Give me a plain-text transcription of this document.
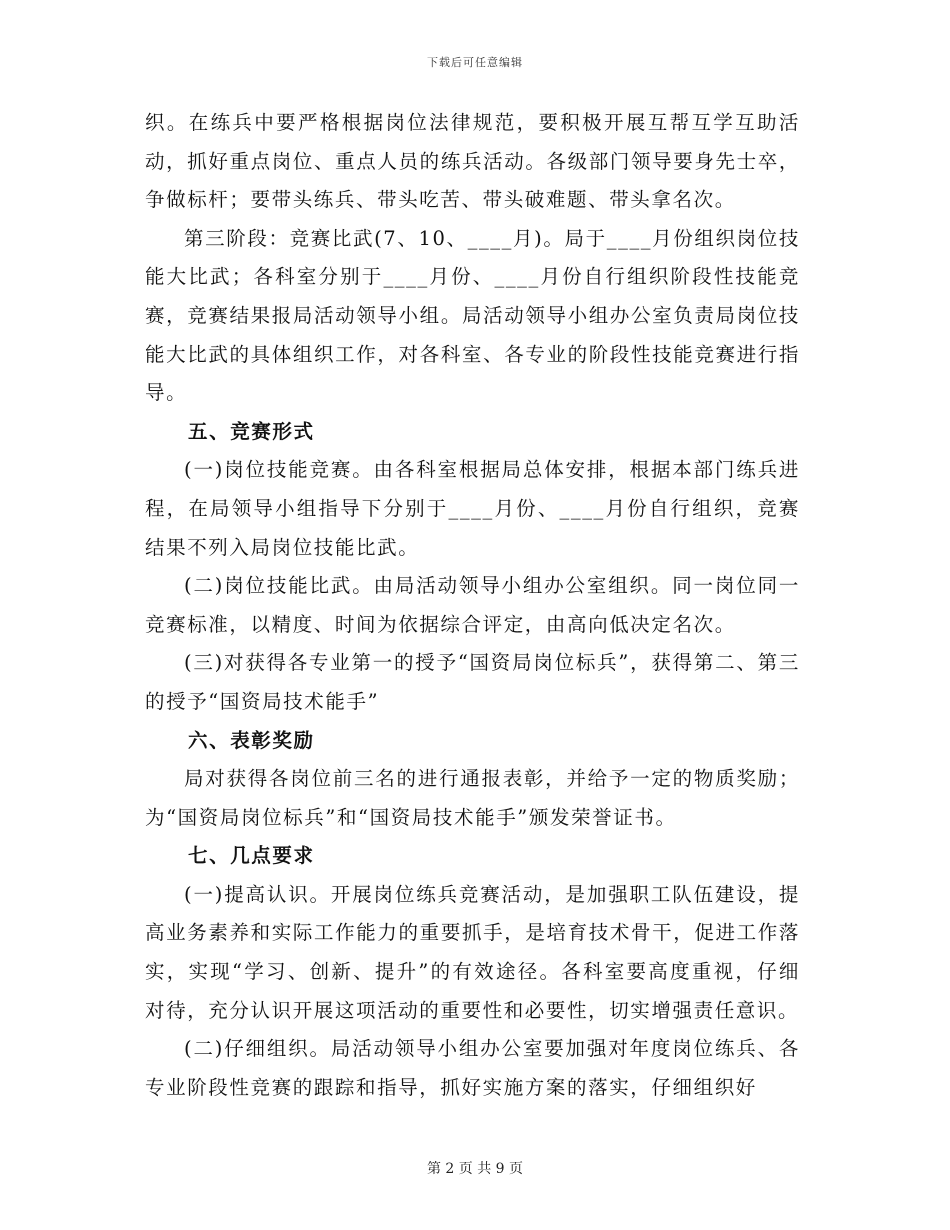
下载后可任意编辑

织。在练兵中要严格根据岗位法律规范，要积极开展互帮互学互助活动，抓好重点岗位、重点人员的练兵活动。各级部门领导要身先士卒，争做标杆；要带头练兵、带头吃苦、带头破难题、带头拿名次。

第三阶段：竞赛比武(7、10、____月)。局于____月份组织岗位技能大比武；各科室分别于____月份、____月份自行组织阶段性技能竞赛，竞赛结果报局活动领导小组。局活动领导小组办公室负责局岗位技能大比武的具体组织工作，对各科室、各专业的阶段性技能竞赛进行指导。

五、竞赛形式

(一)岗位技能竞赛。由各科室根据局总体安排，根据本部门练兵进程，在局领导小组指导下分别于____月份、____月份自行组织，竞赛结果不列入局岗位技能比武。

(二)岗位技能比武。由局活动领导小组办公室组织。同一岗位同一竞赛标准，以精度、时间为依据综合评定，由高向低决定名次。

(三)对获得各专业第一的授予“国资局岗位标兵”，获得第二、第三的授予“国资局技术能手”

六、表彰奖励

局对获得各岗位前三名的进行通报表彰，并给予一定的物质奖励；为“国资局岗位标兵”和“国资局技术能手”颁发荣誉证书。

七、几点要求

(一)提高认识。开展岗位练兵竞赛活动，是加强职工队伍建设，提高业务素养和实际工作能力的重要抓手，是培育技术骨干，促进工作落实，实现“学习、创新、提升”的有效途径。各科室要高度重视，仔细对待，充分认识开展这项活动的重要性和必要性，切实增强责任意识。

(二)仔细组织。局活动领导小组办公室要加强对年度岗位练兵、各专业阶段性竞赛的跟踪和指导，抓好实施方案的落实，仔细组织好

第 2 页 共 9 页
